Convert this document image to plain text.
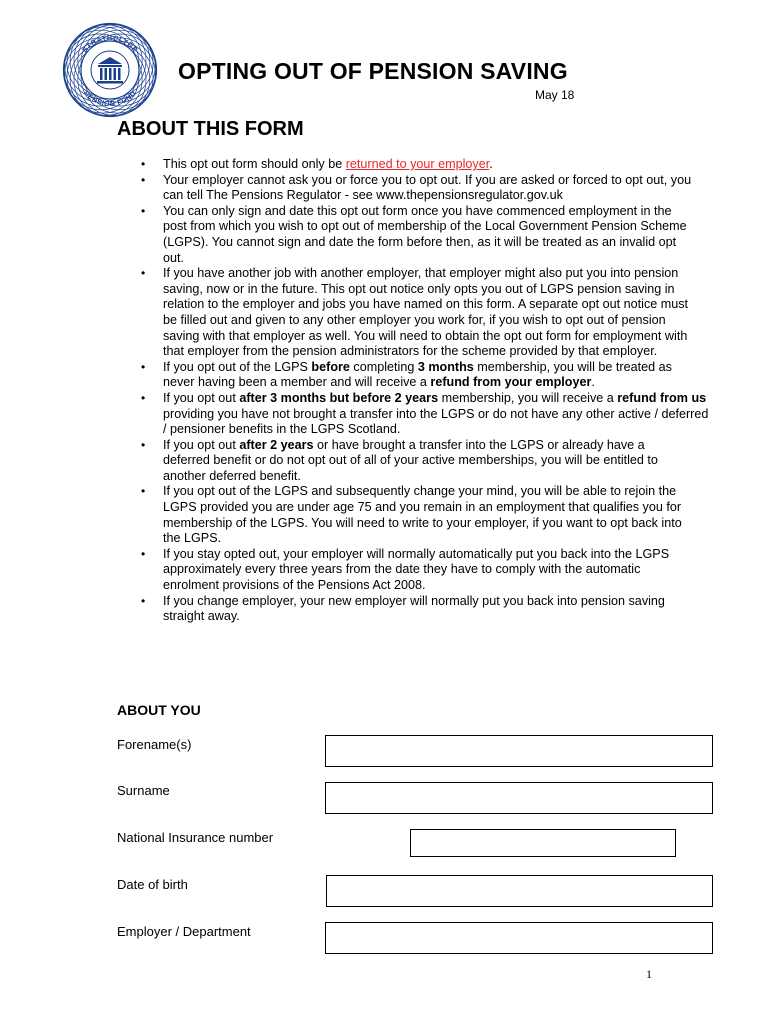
STRATHCLYDE
PENSION FUND
OPTING OUT OF PENSION SAVING
May 18
ABOUT THIS FORM
• This opt out form should only be returned to your employer.
• Your employer cannot ask you or force you to opt out. If you are asked or forced to opt out, you can tell The Pensions Regulator - see www.thepensionsregulator.gov.uk
• You can only sign and date this opt out form once you have commenced employment in the post from which you wish to opt out of membership of the Local Government Pension Scheme (LGPS). You cannot sign and date the form before then, as it will be treated as an invalid opt out.
• If you have another job with another employer, that employer might also put you into pension saving, now or in the future. This opt out notice only opts you out of LGPS pension saving in relation to the employer and jobs you have named on this form. A separate opt out notice must be filled out and given to any other employer you work for, if you wish to opt out of pension saving with that employer as well. You will need to obtain the opt out form for employment with that employer from the pension administrators for the scheme provided by that employer.
• If you opt out of the LGPS before completing 3 months membership, you will be treated as never having been a member and will receive a refund from your employer.
• If you opt out after 3 months but before 2 years membership, you will receive a refund from us providing you have not brought a transfer into the LGPS or do not have any other active / deferred / pensioner benefits in the LGPS Scotland.
• If you opt out after 2 years or have brought a transfer into the LGPS or already have a deferred benefit or do not opt out of all of your active memberships, you will be entitled to another deferred benefit.
• If you opt out of the LGPS and subsequently change your mind, you will be able to rejoin the LGPS provided you are under age 75 and you remain in an employment that qualifies you for membership of the LGPS. You will need to write to your employer, if you want to opt back into the LGPS.
• If you stay opted out, your employer will normally automatically put you back into the LGPS approximately every three years from the date they have to comply with the automatic enrolment provisions of the Pensions Act 2008.
• If you change employer, your new employer will normally put you back into pension saving straight away.
ABOUT YOU
Forename(s)
Surname
National Insurance number
Date of birth
Employer / Department
1
